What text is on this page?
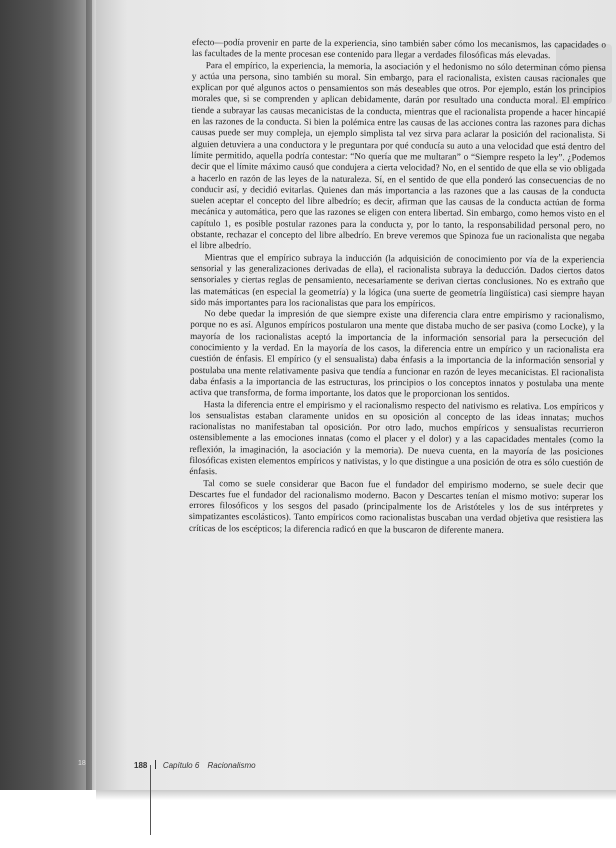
efecto—podía provenir en parte de la experiencia, sino también saber cómo los mecanismos, las capacidades o las facultades de la mente procesan ese contenido para llegar a verdades filosóficas más elevadas.

Para el empírico, la experiencia, la memoria, la asociación y el hedonismo no sólo determinan cómo piensa y actúa una persona, sino también su moral. Sin embargo, para el racionalista, existen causas racionales que explican por qué algunos actos o pensamientos son más deseables que otros. Por ejemplo, están los principios morales que, si se comprenden y aplican debidamente, darán por resultado una conducta moral. El empírico tiende a subrayar las causas mecanicistas de la conducta, mientras que el racionalista propende a hacer hincapié en las razones de la conducta. Si bien la polémica entre las causas de las acciones contra las razones para dichas causas puede ser muy compleja, un ejemplo simplista tal vez sirva para aclarar la posición del racionalista. Si alguien detuviera a una conductora y le preguntara por qué conducía su auto a una velocidad que está dentro del límite permitido, aquella podría contestar: “No quería que me multaran” o “Siempre respeto la ley”. ¿Podemos decir que el límite máximo causó que condujera a cierta velocidad? No, en el sentido de que ella se vio obligada a hacerlo en razón de las leyes de la naturaleza. Sí, en el sentido de que ella ponderó las consecuencias de no conducir así, y decidió evitarlas. Quienes dan más importancia a las razones que a las causas de la conducta suelen aceptar el concepto del libre albedrío; es decir, afirman que las causas de la conducta actúan de forma mecánica y automática, pero que las razones se eligen con entera libertad. Sin embargo, como hemos visto en el capítulo 1, es posible postular razones para la conducta y, por lo tanto, la responsabilidad personal pero, no obstante, rechazar el concepto del libre albedrío. En breve veremos que Spinoza fue un racionalista que negaba el libre albedrío.

Mientras que el empírico subraya la inducción (la adquisición de conocimiento por vía de la experiencia sensorial y las generalizaciones derivadas de ella), el racionalista subraya la deducción. Dados ciertos datos sensoriales y ciertas reglas de pensamiento, necesariamente se derivan ciertas conclusiones. No es extraño que las matemáticas (en especial la geometría) y la lógica (una suerte de geometría lingüística) casi siempre hayan sido más importantes para los racionalistas que para los empíricos.

No debe quedar la impresión de que siempre existe una diferencia clara entre empirismo y racionalismo, porque no es así. Algunos empíricos postularon una mente que distaba mucho de ser pasiva (como Locke), y la mayoría de los racionalistas aceptó la importancia de la información sensorial para la persecución del conocimiento y la verdad. En la mayoría de los casos, la diferencia entre un empírico y un racionalista era cuestión de énfasis. El empírico (y el sensualista) daba énfasis a la importancia de la información sensorial y postulaba una mente relativamente pasiva que tendía a funcionar en razón de leyes mecanicistas. El racionalista daba énfasis a la importancia de las estructuras, los principios o los conceptos innatos y postulaba una mente activa que transforma, de forma importante, los datos que le proporcionan los sentidos.

Hasta la diferencia entre el empirismo y el racionalismo respecto del nativismo es relativa. Los empíricos y los sensualistas estaban claramente unidos en su oposición al concepto de las ideas innatas; muchos racionalistas no manifestaban tal oposición. Por otro lado, muchos empíricos y sensualistas recurrieron ostensiblemente a las emociones innatas (como el placer y el dolor) y a las capacidades mentales (como la reflexión, la imaginación, la asociación y la memoria). De nueva cuenta, en la mayoría de las posiciones filosóficas existen elementos empíricos y nativistas, y lo que distingue a una posición de otra es sólo cuestión de énfasis.

Tal como se suele considerar que Bacon fue el fundador del empirismo moderno, se suele decir que Descartes fue el fundador del racionalismo moderno. Bacon y Descartes tenían el mismo motivo: superar los errores filosóficos y los sesgos del pasado (principalmente los de Aristóteles y los de sus intérpretes y simpatizantes escolásticos). Tanto empíricos como racionalistas buscaban una verdad objetiva que resistiera las críticas de los escépticos; la diferencia radicó en que la buscaron de diferente manera.

18	188 Capítulo 6 Racionalismo
